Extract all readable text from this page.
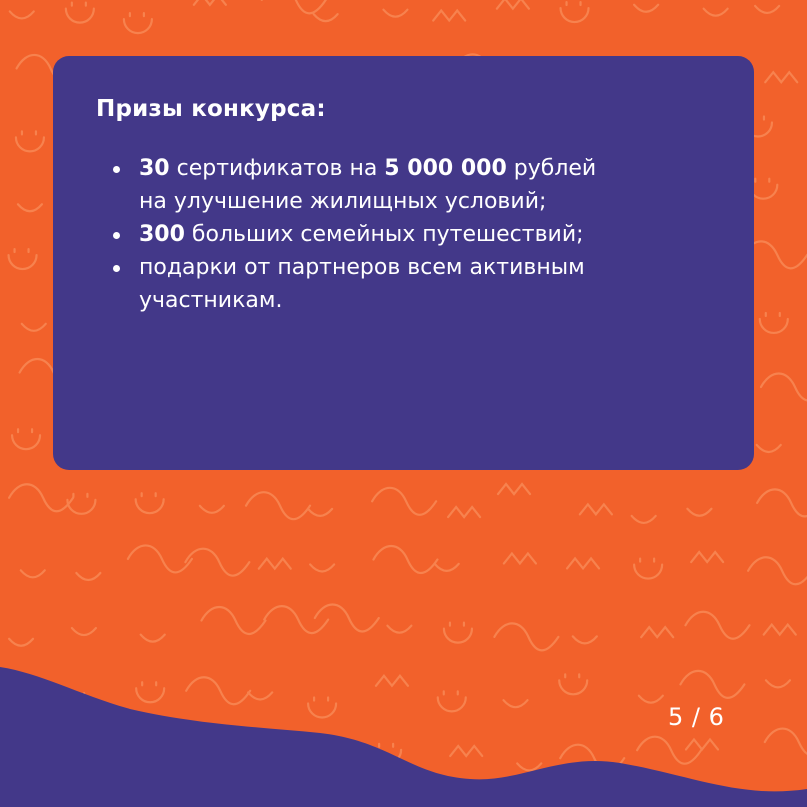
Призы конкурса:
30 сертификатов на 5 000 000 рублей
на улучшение жилищных условий;
300 больших семейных путешествий;
подарки от партнеров всем активным
участникам.
5 / 6
